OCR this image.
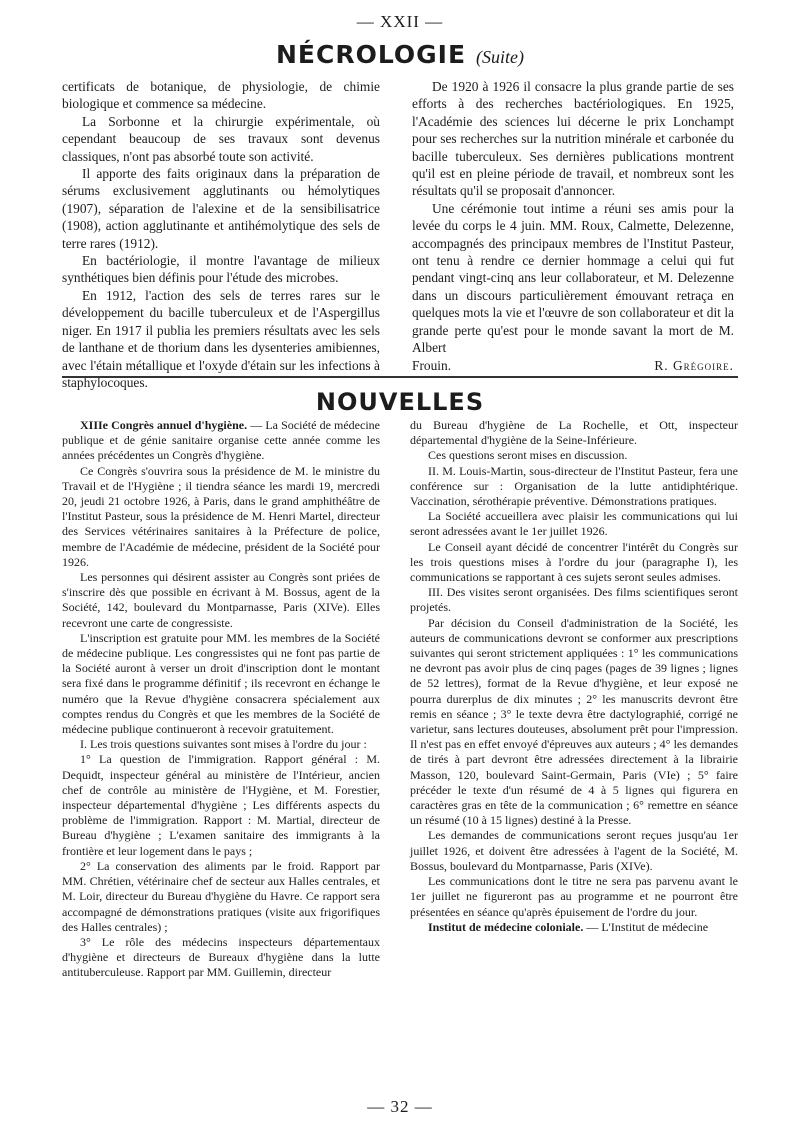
— XXII —
NÉCROLOGIE (Suite)

certificats de botanique, de physiologie, de chimie biologique et commence sa médecine.

La Sorbonne et la chirurgie expérimentale, où cependant beaucoup de ses travaux sont devenus classiques, n'ont pas absorbé toute son activité.

Il apporte des faits originaux dans la préparation de sérums exclusivement agglutinants ou hémolytiques (1907), séparation de l'alexine et de la sensibilisatrice (1908), action agglutinante et antihémolytique des sels de terre rares (1912).

En bactériologie, il montre l'avantage de milieux synthétiques bien définis pour l'étude des microbes.

En 1912, l'action des sels de terres rares sur le développement du bacille tuberculeux et de l'Aspergillus niger. En 1917 il publia les premiers résultats avec les sels de lanthane et de thorium dans les dysenteries amibiennes, avec l'étain métallique et l'oxyde d'étain sur les infections à staphylocoques.

De 1920 à 1926 il consacre la plus grande partie de ses efforts à des recherches bactériologiques. En 1925, l'Académie des sciences lui décerne le prix Lonchampt pour ses recherches sur la nutrition minérale et carbonée du bacille tuberculeux. Ses dernières publications montrent qu'il est en pleine période de travail, et nombreux sont les résultats qu'il se proposait d'annoncer.

Une cérémonie tout intime a réuni ses amis pour la levée du corps le 4 juin. MM. Roux, Calmette, Delezenne, accompagnés des principaux membres de l'Institut Pasteur, ont tenu à rendre ce dernier hommage a celui qui fut pendant vingt-cinq ans leur collaborateur, et M. Delezenne dans un discours particulièrement émouvant retraça en quelques mots la vie et l'œuvre de son collaborateur et dit la grande perte qu'est pour le monde savant la mort de M. Albert

Frouin.	R. Grégoire.

NOUVELLES

XIIIe Congrès annuel d'hygiène. — La Société de médecine publique et de génie sanitaire organise cette année comme les années précédentes un Congrès d'hygiène.

Ce Congrès s'ouvrira sous la présidence de M. le ministre du Travail et de l'Hygiène ; il tiendra séance les mardi 19, mercredi 20, jeudi 21 octobre 1926, à Paris, dans le grand amphithéâtre de l'Institut Pasteur, sous la présidence de M. Henri Martel, directeur des Services vétérinaires sanitaires à la Préfecture de police, membre de l'Académie de médecine, président de la Société pour 1926.

Les personnes qui désirent assister au Congrès sont priées de s'inscrire dès que possible en écrivant à M. Bossus, agent de la Société, 142, boulevard du Montparnasse, Paris (XIVe). Elles recevront une carte de congressiste.

L'inscription est gratuite pour MM. les membres de la Société de médecine publique. Les congressistes qui ne font pas partie de la Société auront à verser un droit d'inscription dont le montant sera fixé dans le programme définitif ; ils recevront en échange le numéro que la Revue d'hygiène consacrera spécialement aux comptes rendus du Congrès et que les membres de la Société de médecine publique continueront à recevoir gratuitement.

I. Les trois questions suivantes sont mises à l'ordre du jour :

1° La question de l'immigration. Rapport général : M. Dequidt, inspecteur général au ministère de l'Intérieur, ancien chef de contrôle au ministère de l'Hygiène, et M. Forestier, inspecteur départemental d'hygiène ; Les différents aspects du problème de l'immigration. Rapport : M. Martial, directeur de Bureau d'hygiène ; L'examen sanitaire des immigrants à la frontière et leur logement dans le pays ;

2° La conservation des aliments par le froid. Rapport par MM. Chrétien, vétérinaire chef de secteur aux Halles centrales, et M. Loir, directeur du Bureau d'hygiène du Havre. Ce rapport sera accompagné de démonstrations pratiques (visite aux frigorifiques des Halles centrales) ;

3° Le rôle des médecins inspecteurs départementaux d'hygiène et directeurs de Bureaux d'hygiène dans la lutte antituberculeuse. Rapport par MM. Guillemin, directeur

du Bureau d'hygiène de La Rochelle, et Ott, inspecteur départemental d'hygiène de la Seine-Inférieure.

Ces questions seront mises en discussion.

II. M. Louis-Martin, sous-directeur de l'Institut Pasteur, fera une conférence sur : Organisation de la lutte antidiphtérique. Vaccination, sérothérapie préventive. Démonstrations pratiques.

La Société accueillera avec plaisir les communications qui lui seront adressées avant le 1er juillet 1926.

Le Conseil ayant décidé de concentrer l'intérêt du Congrès sur les trois questions mises à l'ordre du jour (paragraphe I), les communications se rapportant à ces sujets seront seules admises.

III. Des visites seront organisées. Des films scientifiques seront projetés.

Par décision du Conseil d'administration de la Société, les auteurs de communications devront se conformer aux prescriptions suivantes qui seront strictement appliquées : 1° les communications ne devront pas avoir plus de cinq pages (pages de 39 lignes ; lignes de 52 lettres), format de la Revue d'hygiène, et leur exposé ne pourra durerplus de dix minutes ; 2° les manuscrits devront être remis en séance ; 3° le texte devra être dactylographié, corrigé ne varietur, sans lectures douteuses, absolument prêt pour l'impression. Il n'est pas en effet envoyé d'épreuves aux auteurs ; 4° les demandes de tirés à part devront être adressées directement à la librairie Masson, 120, boulevard Saint-Germain, Paris (VIe) ; 5° faire précéder le texte d'un résumé de 4 à 5 lignes qui figurera en caractères gras en tête de la communication ; 6° remettre en séance un résumé (10 à 15 lignes) destiné à la Presse.

Les demandes de communications seront reçues jusqu'au 1er juillet 1926, et doivent être adressées à l'agent de la Société, M. Bossus, boulevard du Montparnasse, Paris (XIVe).

Les communications dont le titre ne sera pas parvenu avant le 1er juillet ne figureront pas au programme et ne pourront être présentées en séance qu'après épuisement de l'ordre du jour.

Institut de médecine coloniale. — L'Institut de médecine

— 32 —
